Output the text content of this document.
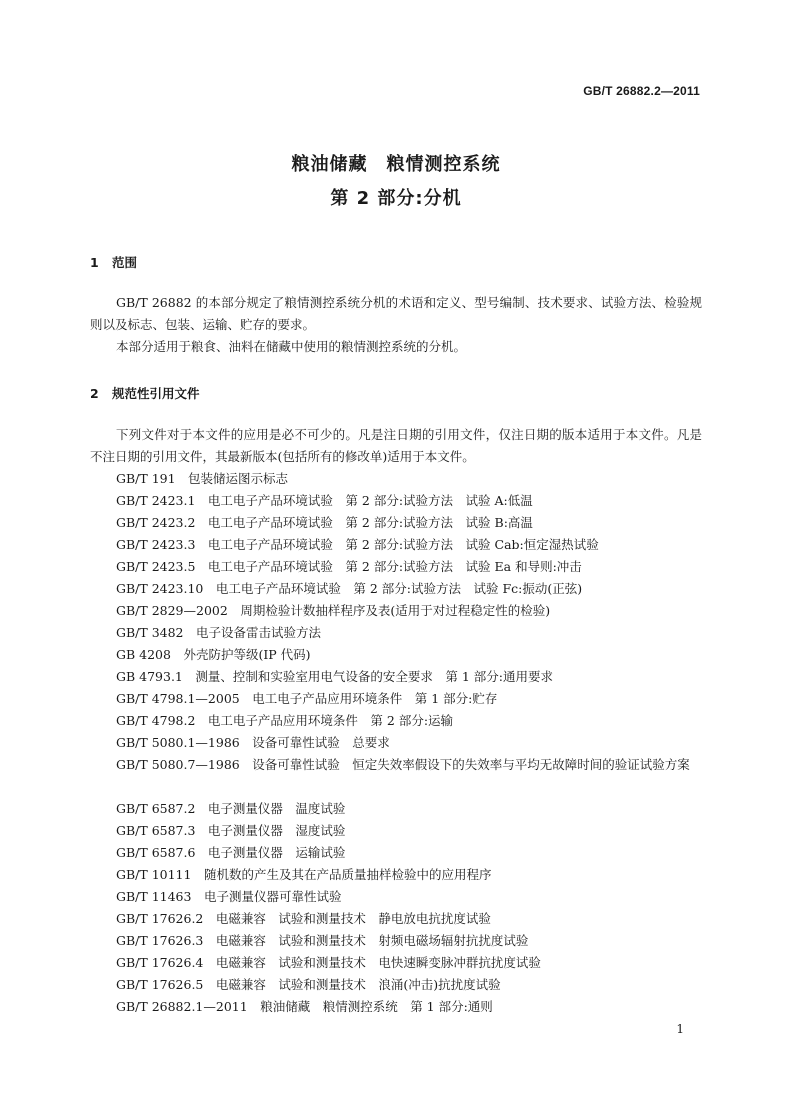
GB/T 26882.2—2011
粮油储藏　粮情测控系统
第 2 部分:分机
1 范围

GB/T 26882 的本部分规定了粮情测控系统分机的术语和定义、型号编制、技术要求、试验方法、检验规则以及标志、包装、运输、贮存的要求。

本部分适用于粮食、油料在储藏中使用的粮情测控系统的分机。

2 规范性引用文件

下列文件对于本文件的应用是必不可少的。凡是注日期的引用文件，仅注日期的版本适用于本文件。凡是不注日期的引用文件，其最新版本(包括所有的修改单)适用于本文件。

GB/T 191　包装储运图示标志
GB/T 2423.1　电工电子产品环境试验　第 2 部分:试验方法　试验 A:低温
GB/T 2423.2　电工电子产品环境试验　第 2 部分:试验方法　试验 B:高温
GB/T 2423.3　电工电子产品环境试验　第 2 部分:试验方法　试验 Cab:恒定湿热试验
GB/T 2423.5　电工电子产品环境试验　第 2 部分:试验方法　试验 Ea 和导则:冲击
GB/T 2423.10　电工电子产品环境试验　第 2 部分:试验方法　试验 Fc:振动(正弦)
GB/T 2829—2002　周期检验计数抽样程序及表(适用于对过程稳定性的检验)
GB/T 3482　电子设备雷击试验方法
GB 4208　外壳防护等级(IP 代码)
GB 4793.1　测量、控制和实验室用电气设备的安全要求　第 1 部分:通用要求
GB/T 4798.1—2005　电工电子产品应用环境条件　第 1 部分:贮存
GB/T 4798.2　电工电子产品应用环境条件　第 2 部分:运输
GB/T 5080.1—1986　设备可靠性试验　总要求
GB/T 5080.7—1986　设备可靠性试验　恒定失效率假设下的失效率与平均无故障时间的验证试验方案
GB/T 6587.2　电子测量仪器　温度试验
GB/T 6587.3　电子测量仪器　湿度试验
GB/T 6587.6　电子测量仪器　运输试验
GB/T 10111　随机数的产生及其在产品质量抽样检验中的应用程序
GB/T 11463　电子测量仪器可靠性试验
GB/T 17626.2　电磁兼容　试验和测量技术　静电放电抗扰度试验
GB/T 17626.3　电磁兼容　试验和测量技术　射频电磁场辐射抗扰度试验
GB/T 17626.4　电磁兼容　试验和测量技术　电快速瞬变脉冲群抗扰度试验
GB/T 17626.5　电磁兼容　试验和测量技术　浪涌(冲击)抗扰度试验
GB/T 26882.1—2011　粮油储藏　粮情测控系统　第 1 部分:通则
1
